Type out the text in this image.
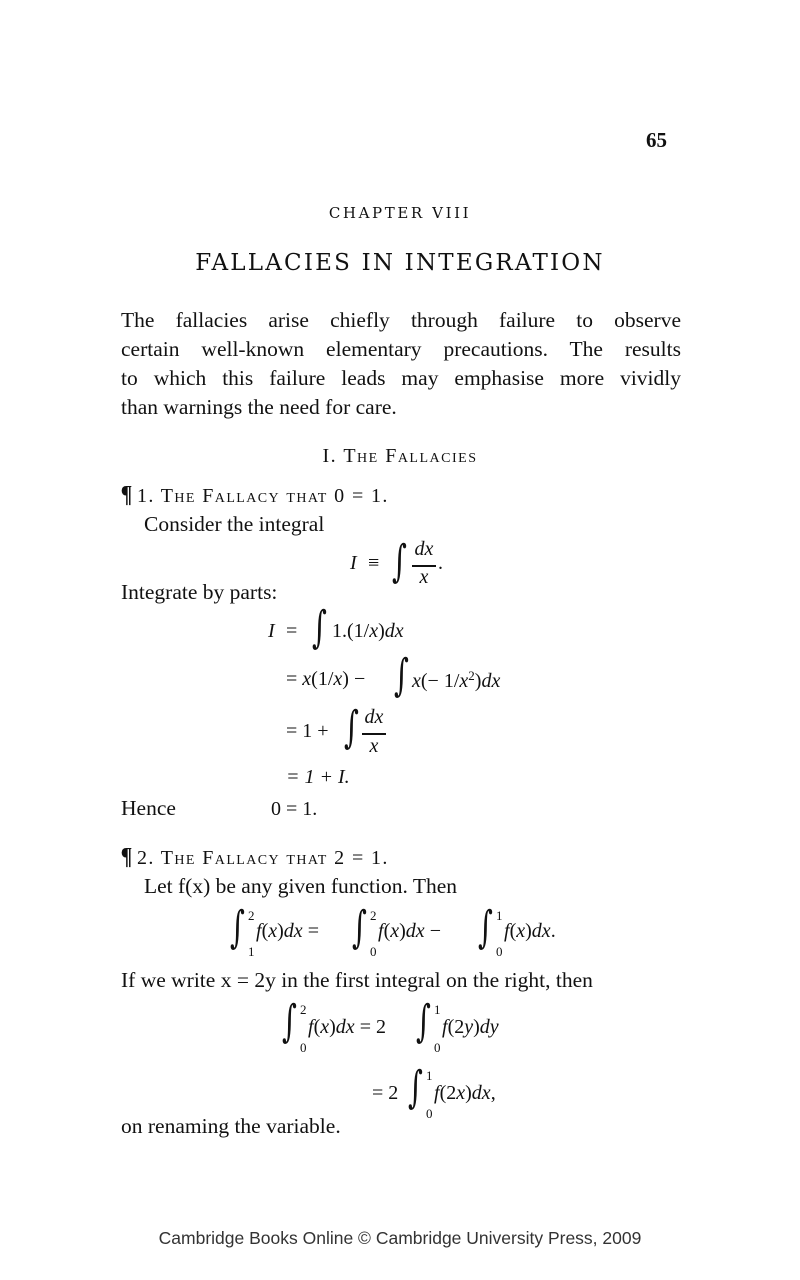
65
CHAPTER VIII
FALLACIES IN INTEGRATION
The fallacies arise chiefly through failure to observe
certain well-known elementary precautions. The results
to which this failure leads may emphasise more vividly
than warnings the need for care.
I. The Fallacies
¶ 1. The Fallacy that 0 = 1.
Consider the integral
I ≡ ∫ dx
x
.
Integrate by parts:
I = ∫ 1.(1/x)dx
= x(1/x) − ∫ $x(- 1/x^2)dx$
= 1 + ∫ dx
x
= 1 + I.
Hence	0 = 1.
¶ 2. The Fallacy that 2 = 1.
Let f(x) be any given function. Then
∫ 2
1
f(x)dx = ∫ 2
0
f(x)dx − ∫ 1
0
f(x)dx.
If we write x = 2y in the first integral on the right, then
∫ 2
0
f(x)dx = 2 ∫ 1
0
f(2y)dy
= 2 ∫ 1
0
f(2x)dx,
on renaming the variable.
Cambridge Books Online © Cambridge University Press, 2009
